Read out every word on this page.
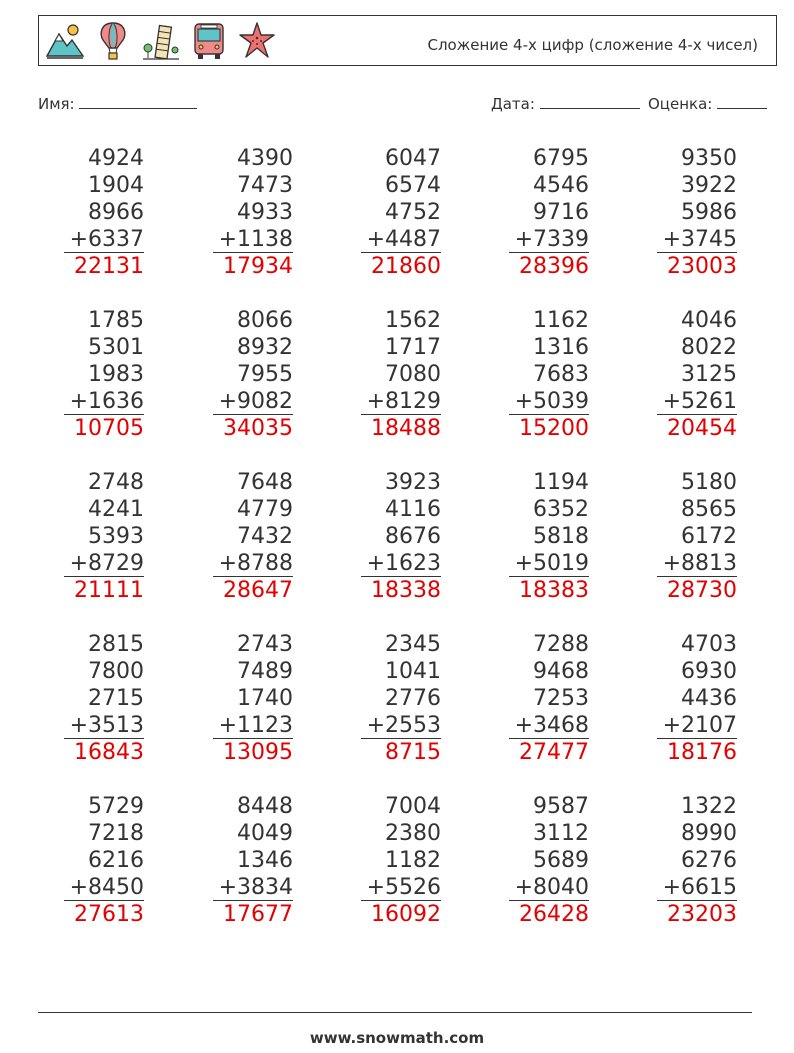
Сложение 4-х цифр (сложение 4-х чисел)
Имя:	Дата:	Оценка:
4924
1904
8966
+6337
22131
4390
7473
4933
+1138
17934
6047
6574
4752
+4487
21860
6795
4546
9716
+7339
28396
9350
3922
5986
+3745
23003
1785
5301
1983
+1636
10705
8066
8932
7955
+9082
34035
1562
1717
7080
+8129
18488
1162
1316
7683
+5039
15200
4046
8022
3125
+5261
20454
2748
4241
5393
+8729
21111
7648
4779
7432
+8788
28647
3923
4116
8676
+1623
18338
1194
6352
5818
+5019
18383
5180
8565
6172
+8813
28730
2815
7800
2715
+3513
16843
2743
7489
1740
+1123
13095
2345
1041
2776
+2553
8715
7288
9468
7253
+3468
27477
4703
6930
4436
+2107
18176
5729
7218
6216
+8450
27613
8448
4049
1346
+3834
17677
7004
2380
1182
+5526
16092
9587
3112
5689
+8040
26428
1322
8990
6276
+6615
23203
www.snowmath.com
